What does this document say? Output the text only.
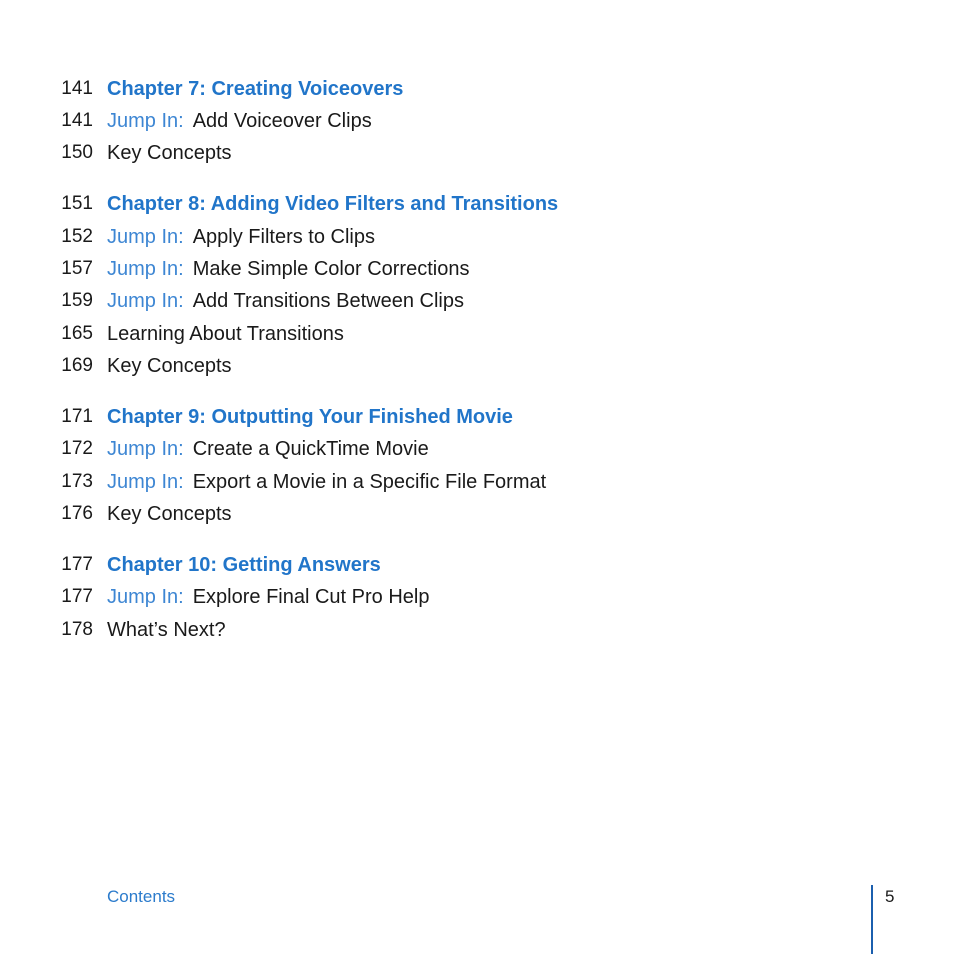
141 Chapter 7: Creating Voiceovers
141 Jump In: Add Voiceover Clips
150 Key Concepts
151 Chapter 8: Adding Video Filters and Transitions
152 Jump In: Apply Filters to Clips
157 Jump In: Make Simple Color Corrections
159 Jump In: Add Transitions Between Clips
165 Learning About Transitions
169 Key Concepts
171 Chapter 9: Outputting Your Finished Movie
172 Jump In: Create a QuickTime Movie
173 Jump In: Export a Movie in a Specific File Format
176 Key Concepts
177 Chapter 10: Getting Answers
177 Jump In: Explore Final Cut Pro Help
178 What’s Next?
Contents	5
